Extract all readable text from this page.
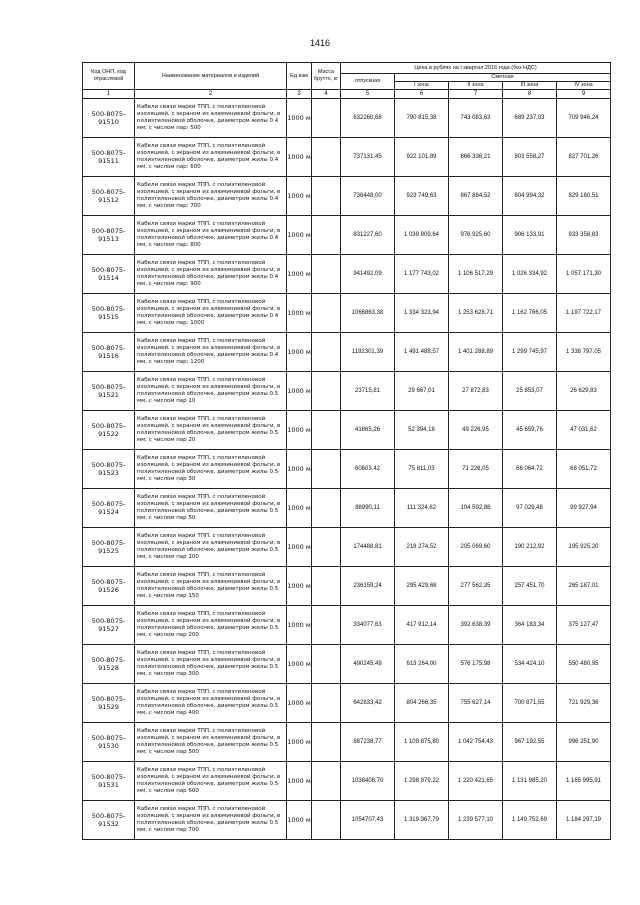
1416
Код ОНП, код отраслевой	Наименование материалов и изделий	Ед изм	Масса брутто, кг	Цена в рублях на I квартал 2016 года (без НДС)				
				отпускная	Сметная			
					I зона	II зона	III зона	IV зона
1	2	3	4	5	6	7	8	9
500-8075-91510	Кабели связи марки ТПП, с полиэтиленовой изоляцией, с экраном из алюминиевой фольги, в полиэтиленовой оболочке, диаметром жилы 0.4 мм, с числом пар: 500	1000 м		632260,68	790 815,38	743 083,63	689 237,03	709 946,24
500-8075-91511	Кабели связи марки ТПП, с полиэтиленовой изоляцией, с экраном из алюминиевой фольги, в полиэтиленовой оболочке, диаметром жилы 0.4 мм, с числом пар: 600	1000 м		737131,45	922 101,89	866 336,21	803 558,27	827 701,26
500-8075-91512	Кабели связи марки ТПП, с полиэтиленовой изоляцией, с экраном из алюминиевой фольги, в полиэтиленовой оболочке, диаметром жилы 0.4 мм, с числом пар: 700	1000 м		738448,00	923 749,63	867 884,52	804 994,32	829 180,51
500-8075-91513	Кабели связи марки ТПП, с полиэтиленовой изоляцией, с экраном из алюминиевой фольги, в полиэтиленовой оболочке, диаметром жилы 0.4 мм, с числом пар: 800	1000 м		831227,60	1 039 809,64	976 925,60	906 133,91	933 358,83
500-8075-91514	Кабели связи марки ТПП, с полиэтиленовой изоляцией, с экраном из алюминиевой фольги, в полиэтиленовой оболочке, диаметром жилы 0.4 мм, с числом пар: 900	1000 м		941492,09	1 177 743,02	1 106 517,29	1 026 334,92	1 057 171,30
500-8075-91515	Кабели связи марки ТПП, с полиэтиленовой изоляцией, с экраном из алюминиевой фольги, в полиэтиленовой оболочке, диаметром жилы 0.4 мм, с числом пар: 1000	1000 м		1066863,38	1 334 323,94	1 253 628,71	1 162 786,05	1 197 722,17
500-8075-91516	Кабели связи марки ТПП, с полиэтиленовой изоляцией, с экраном из алюминиевой фольги, в полиэтиленовой оболочке, диаметром жилы 0.4 мм, с числом пар: 1200	1000 м		1192301,39	1 491 488,57	1 401 288,89	1 299 745,97	1 338 797,05
500-8075-91521	Кабели связи марки ТПП, с полиэтиленовой изоляцией, с экраном из алюминиевой фольги, в полиэтиленовой оболочке, диаметром жилы 0.5 мм, с числом пар 10	1000 м		23715,81	29 667,01	27 872,83	25 853,07	26 629,83
500-8075-91522	Кабели связи марки ТПП, с полиэтиленовой изоляцией, с экраном из алюминиевой фольги, в полиэтиленовой оболочке, диаметром жилы 0.5 мм, с числом пар 20	1000 м		41865,26	52 394,18	49 226,95	45 659,76	47 031,62
500-8075-91523	Кабели связи марки ТПП, с полиэтиленовой изоляцией, с экраном из алюминиевой фольги, в полиэтиленовой оболочке, диаметром жилы 0.5 мм, с числом пар 30	1000 м		60603,42	75 811,03	71 226,05	66 064,72	68 051,72
500-8075-91524	Кабели связи марки ТПП, с полиэтиленовой изоляцией, с экраном из алюминиевой фольги, в полиэтиленовой оболочке, диаметром жилы 0.5 мм, с числом пар 50	1000 м		88990,11	111 324,62	104 592,88	97 029,48	99 927,94
500-8075-91525	Кабели связи марки ТПП, с полиэтиленовой изоляцией, с экраном из алюминиевой фольги, в полиэтиленовой оболочке, диаметром жилы 0.5 мм, с числом пар 100	1000 м		174488,81	218 274,52	205 069,60	190 212,92	195 925,20
500-8075-91526	Кабели связи марки ТПП, с полиэтиленовой изоляцией, с экраном из алюминиевой фольги, в полиэтиленовой оболочке, диаметром жилы 0.5 мм, с числом пар 150	1000 м		236159,24	295 429,68	277 562,35	257 451,70	265 187,01
500-8075-91527	Кабели связи марки ТПП, с полиэтиленовой изоляцией, с экраном из алюминиевой фольги, в полиэтиленовой оболочке, диаметром жилы 0.5 мм, с числом пар 200	1000 м		334077,63	417 912,14	392 638,39	364 183,34	375 127,47
500-8075-91528	Кабели связи марки ТПП, с полиэтиленовой изоляцией, с экраном из алюминиевой фольги, в полиэтиленовой оболочке, диаметром жилы 0.5 мм, с числом пар 300	1000 м		490245,49	613 264,00	576 175,98	534 424,10	550 480,95
500-8075-91529	Кабели связи марки ТПП, с полиэтиленовой изоляцией, с экраном из алюминиевой фольги, в полиэтиленовой оболочке, диаметром жилы 0.5 мм, с числом пар 400	1000 м		642833,42	804 266,35	755 627,14	700 871,55	721 929,36
500-8075-91530	Кабели связи марки ТПП, с полиэтиленовой изоляцией, с экраном из алюминиевой фольги, в полиэтиленовой оболочке, диаметром жилы 0.5 мм, с числом пар 500	1000 м		887238,77	1 109 875,80	1 042 754,43	967 192,55	996 251,90
500-8075-91531	Кабели связи марки ТПП, с полиэтиленовой изоляцией, с экраном из алюминиевой фольги, в полиэтиленовой оболочке, диаметром жилы 0.5 мм, с числом пар 600	1000 м		1038408,70	1 298 979,22	1 220 421,65	1 131 985,20	1 165 995,91
500-8075-91532	Кабели связи марки ТПП, с полиэтиленовой изоляцией, с экраном из алюминиевой фольги, в полиэтиленовой оболочке, диаметром жилы 0.5 мм, с числом пар 700	1000 м		1054707,43	1 319 367,79	1 239 577,10	1 149 752,69	1 184 297,19
